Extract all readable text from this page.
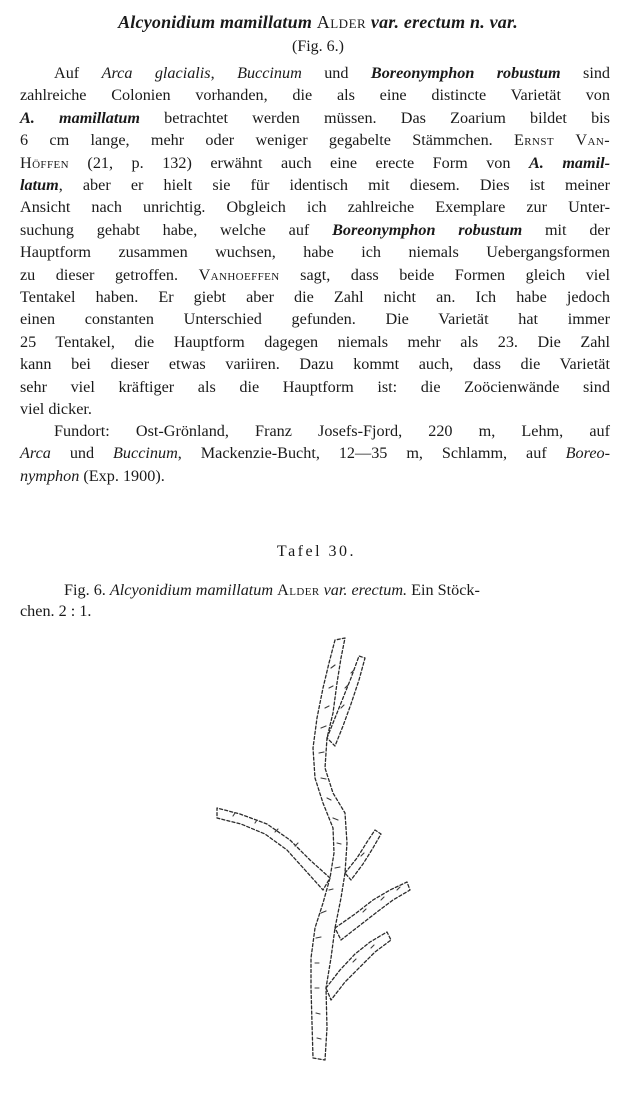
Alcyonidium mamillatum Alder var. erectum n. var.
(Fig. 6.)
Auf Arca glacialis, Buccinum und Boreonymphon robustum sind
zahlreiche Colonien vorhanden, die als eine distincte Varietät von
A. mamillatum betrachtet werden müssen. Das Zoarium bildet bis
6 cm lange, mehr oder weniger gegabelte Stämmchen. Ernst Van-
Höffen (21, p. 132) erwähnt auch eine erecte Form von A. mamil-
latum, aber er hielt sie für identisch mit diesem. Dies ist meiner
Ansicht nach unrichtig. Obgleich ich zahlreiche Exemplare zur Unter-
suchung gehabt habe, welche auf Boreonymphon robustum mit der
Hauptform zusammen wuchsen, habe ich niemals Uebergangsformen
zu dieser getroffen. Vanhoeffen sagt, dass beide Formen gleich viel
Tentakel haben. Er giebt aber die Zahl nicht an. Ich habe jedoch
einen constanten Unterschied gefunden. Die Varietät hat immer
25 Tentakel, die Hauptform dagegen niemals mehr als 23. Die Zahl
kann bei dieser etwas variiren. Dazu kommt auch, dass die Varietät
sehr viel kräftiger als die Hauptform ist: die Zoöcienwände sind
viel dicker.
Fundort: Ost-Grönland, Franz Josefs-Fjord, 220 m, Lehm, auf
Arca und Buccinum, Mackenzie-Bucht, 12—35 m, Schlamm, auf Boreo-
nymphon (Exp. 1900).
Tafel 30.
Fig. 6. Alcyonidium mamillatum Alder var. erectum. Ein Stöck-
chen. 2 : 1.
